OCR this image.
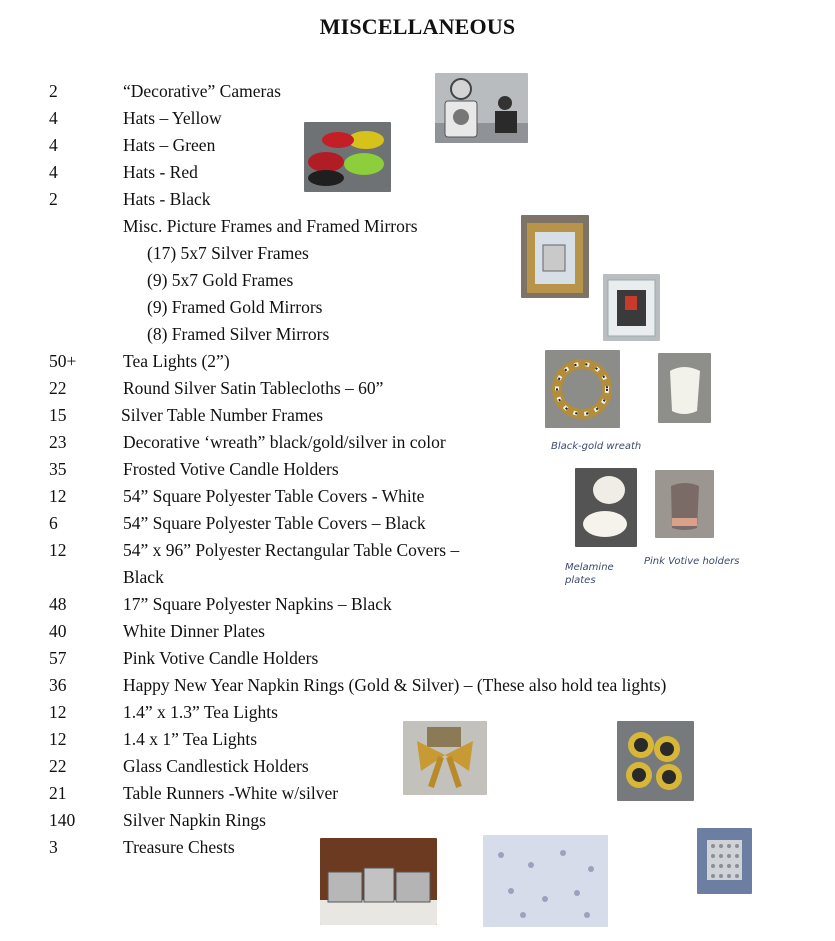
MISCELLANEOUS
2	“Decorative” Cameras
4	Hats – Yellow
4	Hats – Green
4	Hats - Red
2	Hats - Black
Misc. Picture Frames and Framed Mirrors
(17) 5x7 Silver Frames
(9) 5x7 Gold Frames
(9) Framed Gold Mirrors
(8) Framed Silver Mirrors
50+	Tea Lights (2”)
22	Round Silver Satin Tablecloths – 60”
15	Silver Table Number Frames
23	Decorative ‘wreath” black/gold/silver in color
35	Frosted Votive Candle Holders
12	54” Square Polyester Table Covers - White
6	54” Square Polyester Table Covers – Black
12	54” x 96” Polyester Rectangular Table Covers –
Black
48	17” Square Polyester Napkins – Black
40	White Dinner Plates
57	Pink Votive Candle Holders
36	Happy New Year Napkin Rings (Gold & Silver) – (These also hold tea lights)
12	1.4” x 1.3” Tea Lights
12	1.4 x 1” Tea Lights
22	Glass Candlestick Holders
21	Table Runners -White w/silver
140	Silver Napkin Rings
3	Treasure Chests
Black-gold wreath
Melamine
plates
Pink Votive holders
